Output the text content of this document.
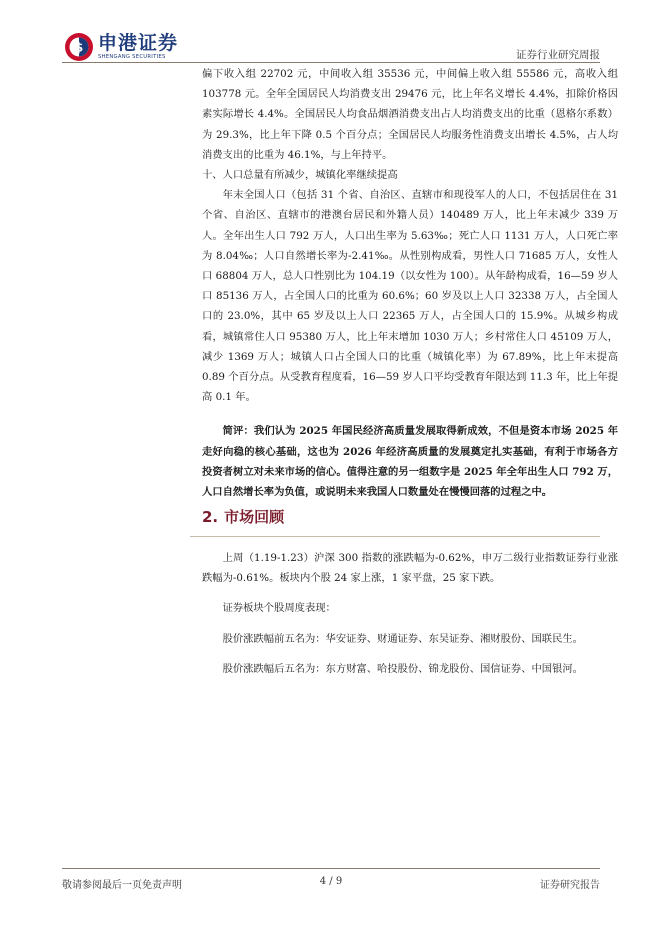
$ 申港证券
SHENGANG SECURITIES	证券行业研究周报

偏下收入组 22702 元，中间收入组 35536 元，中间偏上收入组 55586 元，高收入组 103778 元。全年全国居民人均消费支出 29476 元，比上年名义增长 4.4%，扣除价格因素实际增长 4.4%。全国居民人均食品烟酒消费支出占人均消费支出的比重（恩格尔系数）为 29.3%，比上年下降 0.5 个百分点；全国居民人均服务性消费支出增长 4.5%，占人均消费支出的比重为 46.1%，与上年持平。

十、人口总量有所减少，城镇化率继续提高

年末全国人口（包括 31 个省、自治区、直辖市和现役军人的人口，不包括居住在 31 个省、自治区、直辖市的港澳台居民和外籍人员）140489 万人，比上年末减少 339 万人。全年出生人口 792 万人，人口出生率为 5.63‰；死亡人口 1131 万人，人口死亡率为 8.04‰；人口自然增长率为-2.41‰。从性别构成看，男性人口 71685 万人，女性人口 68804 万人，总人口性别比为 104.19（以女性为 100）。从年龄构成看，16—59 岁人口 85136 万人，占全国人口的比重为 60.6%；60 岁及以上人口 32338 万人，占全国人口的 23.0%，其中 65 岁及以上人口 22365 万人，占全国人口的 15.9%。从城乡构成看，城镇常住人口 95380 万人，比上年末增加 1030 万人；乡村常住人口 45109 万人，减少 1369 万人；城镇人口占全国人口的比重（城镇化率）为 67.89%，比上年末提高 0.89 个百分点。从受教育程度看，16—59 岁人口平均受教育年限达到 11.3 年，比上年提高 0.1 年。

简评：我们认为 2025 年国民经济高质量发展取得新成效，不但是资本市场 2025 年走好向稳的核心基础，这也为 2026 年经济高质量的发展奠定扎实基础，有利于市场各方投资者树立对未来市场的信心。值得注意的另一组数字是 2025 年全年出生人口 792 万，人口自然增长率为负值，或说明未来我国人口数量处在慢慢回落的过程之中。

2. 市场回顾

上周（1.19-1.23）沪深 300 指数的涨跌幅为-0.62%，申万二级行业指数证券行业涨跌幅为-0.61%。板块内个股 24 家上涨，1 家平盘，25 家下跌。

证券板块个股周度表现：

股价涨跌幅前五名为：华安证券、财通证券、东吴证券、湘财股份、国联民生。

股价涨跌幅后五名为：东方财富、哈投股份、锦龙股份、国信证券、中国银河。

敬请参阅最后一页免责声明	4 / 9	证券研究报告
